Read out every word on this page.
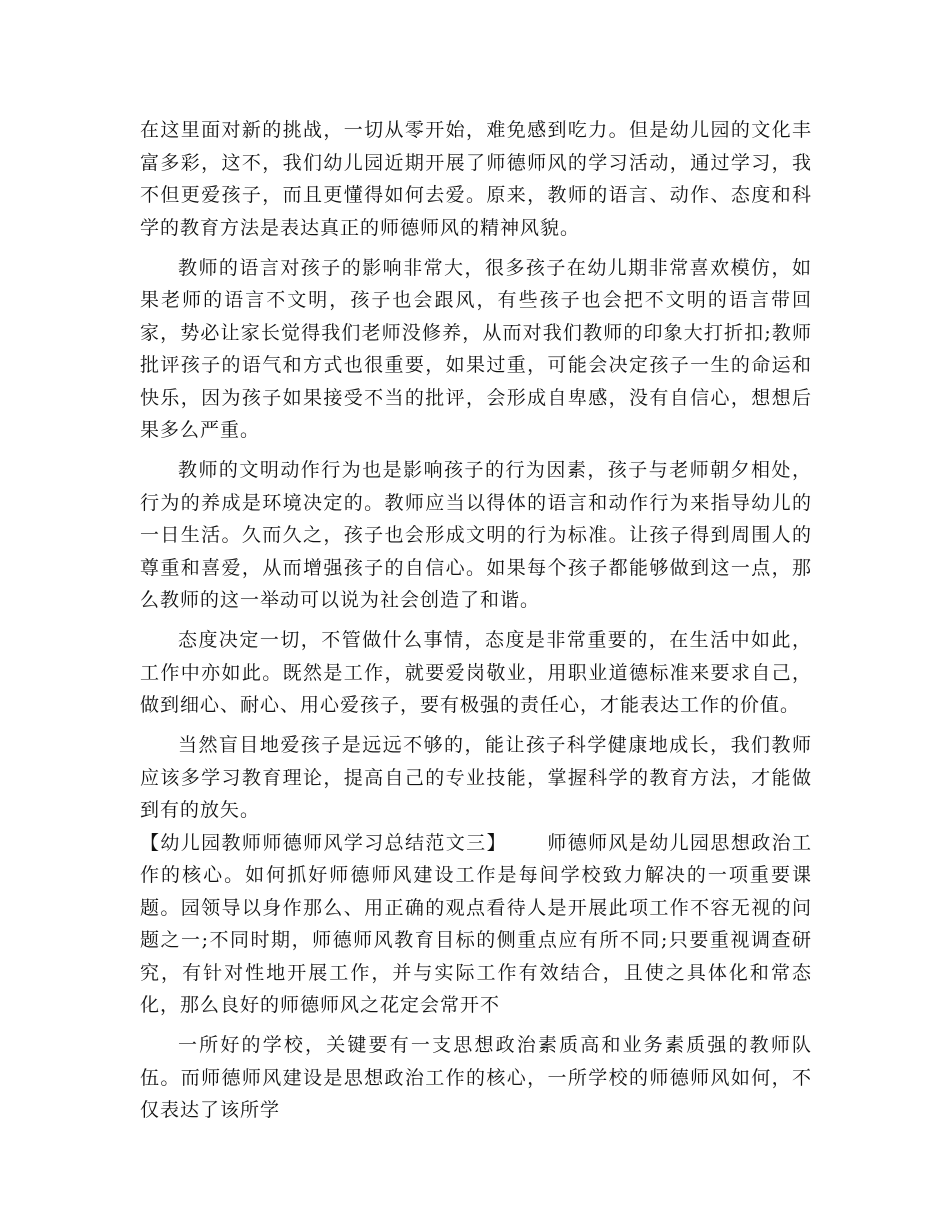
在这里面对新的挑战，一切从零开始，难免感到吃力。但是幼儿园的文化丰富多彩，这不，我们幼儿园近期开展了师德师风的学习活动，通过学习，我不但更爱孩子，而且更懂得如何去爱。原来，教师的语言、动作、态度和科学的教育方法是表达真正的师德师风的精神风貌。

教师的语言对孩子的影响非常大，很多孩子在幼儿期非常喜欢模仿，如果老师的语言不文明，孩子也会跟风，有些孩子也会把不文明的语言带回家，势必让家长觉得我们老师没修养，从而对我们教师的印象大打折扣;教师批评孩子的语气和方式也很重要，如果过重，可能会决定孩子一生的命运和快乐，因为孩子如果接受不当的批评，会形成自卑感，没有自信心，想想后果多么严重。

教师的文明动作行为也是影响孩子的行为因素，孩子与老师朝夕相处，行为的养成是环境决定的。教师应当以得体的语言和动作行为来指导幼儿的一日生活。久而久之，孩子也会形成文明的行为标准。让孩子得到周围人的尊重和喜爱，从而增强孩子的自信心。如果每个孩子都能够做到这一点，那么教师的这一举动可以说为社会创造了和谐。

态度决定一切，不管做什么事情，态度是非常重要的，在生活中如此，工作中亦如此。既然是工作，就要爱岗敬业，用职业道德标准来要求自己，做到细心、耐心、用心爱孩子，要有极强的责任心，才能表达工作的价值。

当然盲目地爱孩子是远远不够的，能让孩子科学健康地成长，我们教师应该多学习教育理论，提高自己的专业技能，掌握科学的教育方法，才能做到有的放矢。

【幼儿园教师师德师风学习总结范文三】 师德师风是幼儿园思想政治工作的核心。如何抓好师德师风建设工作是每间学校致力解决的一项重要课题。园领导以身作那么、用正确的观点看待人是开展此项工作不容无视的问题之一;不同时期，师德师风教育目标的侧重点应有所不同;只要重视调查研究，有针对性地开展工作，并与实际工作有效结合，且使之具体化和常态化，那么良好的师德师风之花定会常开不

一所好的学校，关键要有一支思想政治素质高和业务素质强的教师队伍。而师德师风建设是思想政治工作的核心，一所学校的师德师风如何，不仅表达了该所学
